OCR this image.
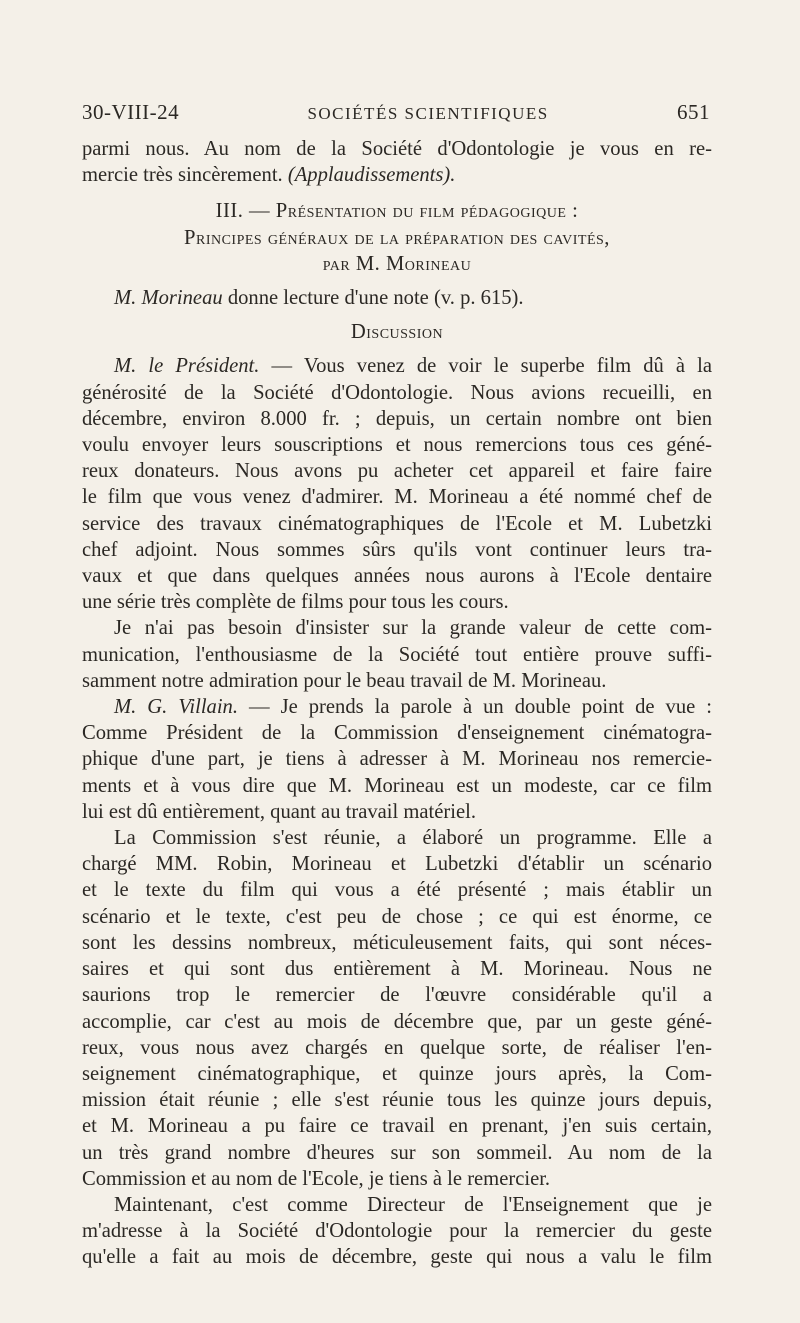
30-VIII-24	SOCIÉTÉS SCIENTIFIQUES	651
parmi nous. Au nom de la Société d'Odontologie je vous en re-
mercie très sincèrement. (Applaudissements).
III. — Présentation du film pédagogique :
Principes généraux de la préparation des cavités,
par M. Morineau
M. Morineau donne lecture d'une note (v. p. 615).
Discussion
M. le Président. — Vous venez de voir le superbe film dû à la
générosité de la Société d'Odontologie. Nous avions recueilli, en
décembre, environ 8.000 fr. ; depuis, un certain nombre ont bien
voulu envoyer leurs souscriptions et nous remercions tous ces géné-
reux donateurs. Nous avons pu acheter cet appareil et faire faire
le film que vous venez d'admirer. M. Morineau a été nommé chef de
service des travaux cinématographiques de l'Ecole et M. Lubetzki
chef adjoint. Nous sommes sûrs qu'ils vont continuer leurs tra-
vaux et que dans quelques années nous aurons à l'Ecole dentaire
une série très complète de films pour tous les cours.
Je n'ai pas besoin d'insister sur la grande valeur de cette com-
munication, l'enthousiasme de la Société tout entière prouve suffi-
samment notre admiration pour le beau travail de M. Morineau.
M. G. Villain. — Je prends la parole à un double point de vue :
Comme Président de la Commission d'enseignement cinématogra-
phique d'une part, je tiens à adresser à M. Morineau nos remercie-
ments et à vous dire que M. Morineau est un modeste, car ce film
lui est dû entièrement, quant au travail matériel.
La Commission s'est réunie, a élaboré un programme. Elle a
chargé MM. Robin, Morineau et Lubetzki d'établir un scénario
et le texte du film qui vous a été présenté ; mais établir un
scénario et le texte, c'est peu de chose ; ce qui est énorme, ce
sont les dessins nombreux, méticuleusement faits, qui sont néces-
saires et qui sont dus entièrement à M. Morineau. Nous ne
saurions trop le remercier de l'œuvre considérable qu'il a
accomplie, car c'est au mois de décembre que, par un geste géné-
reux, vous nous avez chargés en quelque sorte, de réaliser l'en-
seignement cinématographique, et quinze jours après, la Com-
mission était réunie ; elle s'est réunie tous les quinze jours depuis,
et M. Morineau a pu faire ce travail en prenant, j'en suis certain,
un très grand nombre d'heures sur son sommeil. Au nom de la
Commission et au nom de l'Ecole, je tiens à le remercier.
Maintenant, c'est comme Directeur de l'Enseignement que je
m'adresse à la Société d'Odontologie pour la remercier du geste
qu'elle a fait au mois de décembre, geste qui nous a valu le film
